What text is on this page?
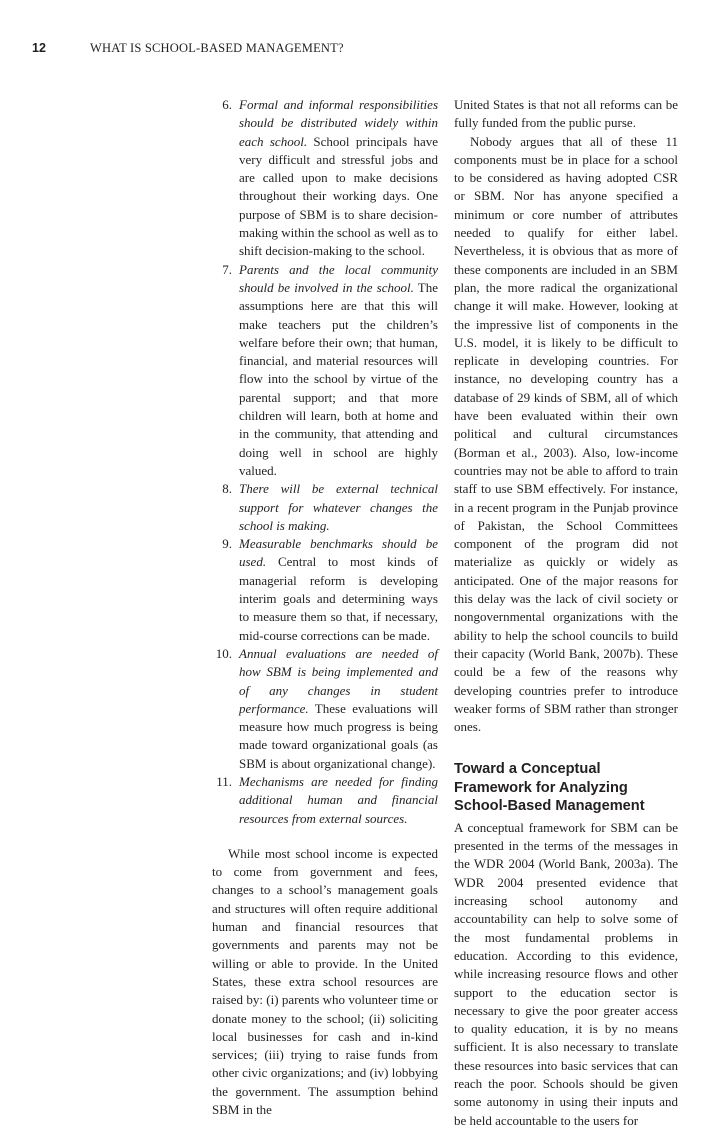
12	WHAT IS SCHOOL-BASED MANAGEMENT?
6. Formal and informal responsibilities should be distributed widely within each school. School principals have very difficult and stressful jobs and are called upon to make decisions throughout their working days. One purpose of SBM is to share decision-making within the school as well as to shift decision-making to the school.
7. Parents and the local community should be involved in the school. The assumptions here are that this will make teachers put the children’s welfare before their own; that human, financial, and material resources will flow into the school by virtue of the parental support; and that more children will learn, both at home and in the community, that attending and doing well in school are highly valued.
8. There will be external technical support for whatever changes the school is making.
9. Measurable benchmarks should be used. Central to most kinds of managerial reform is developing interim goals and determining ways to measure them so that, if necessary, mid-course corrections can be made.
10. Annual evaluations are needed of how SBM is being implemented and of any changes in student performance. These evaluations will measure how much progress is being made toward organizational goals (as SBM is about organizational change).
11. Mechanisms are needed for finding additional human and financial resources from external sources.

While most school income is expected to come from government and fees, changes to a school’s management goals and structures will often require additional human and financial resources that governments and parents may not be willing or able to provide. In the United States, these extra school resources are raised by: (i) parents who volunteer time or donate money to the school; (ii) soliciting local businesses for cash and in-kind services; (iii) trying to raise funds from other civic organizations; and (iv) lobbying the government. The assumption behind SBM in the

United States is that not all reforms can be fully funded from the public purse.

Nobody argues that all of these 11 components must be in place for a school to be considered as having adopted CSR or SBM. Nor has anyone specified a minimum or core number of attributes needed to qualify for either label. Nevertheless, it is obvious that as more of these components are included in an SBM plan, the more radical the organizational change it will make. However, looking at the impressive list of components in the U.S. model, it is likely to be difficult to replicate in developing countries. For instance, no developing country has a database of 29 kinds of SBM, all of which have been evaluated within their own political and cultural circumstances (Borman et al., 2003). Also, low-income countries may not be able to afford to train staff to use SBM effectively. For instance, in a recent program in the Punjab province of Pakistan, the School Committees component of the program did not materialize as quickly or widely as anticipated. One of the major reasons for this delay was the lack of civil society or nongovernmental organizations with the ability to help the school councils to build their capacity (World Bank, 2007b). These could be a few of the reasons why developing countries prefer to introduce weaker forms of SBM rather than stronger ones.

Toward a Conceptual Framework for Analyzing School-Based Management

A conceptual framework for SBM can be presented in the terms of the messages in the WDR 2004 (World Bank, 2003a). The WDR 2004 presented evidence that increasing school autonomy and accountability can help to solve some of the most fundamental problems in education. According to this evidence, while increasing resource flows and other support to the education sector is necessary to give the poor greater access to quality education, it is by no means sufficient. It is also necessary to translate these resources into basic services that can reach the poor. Schools should be given some autonomy in using their inputs and be held accountable to the users for
